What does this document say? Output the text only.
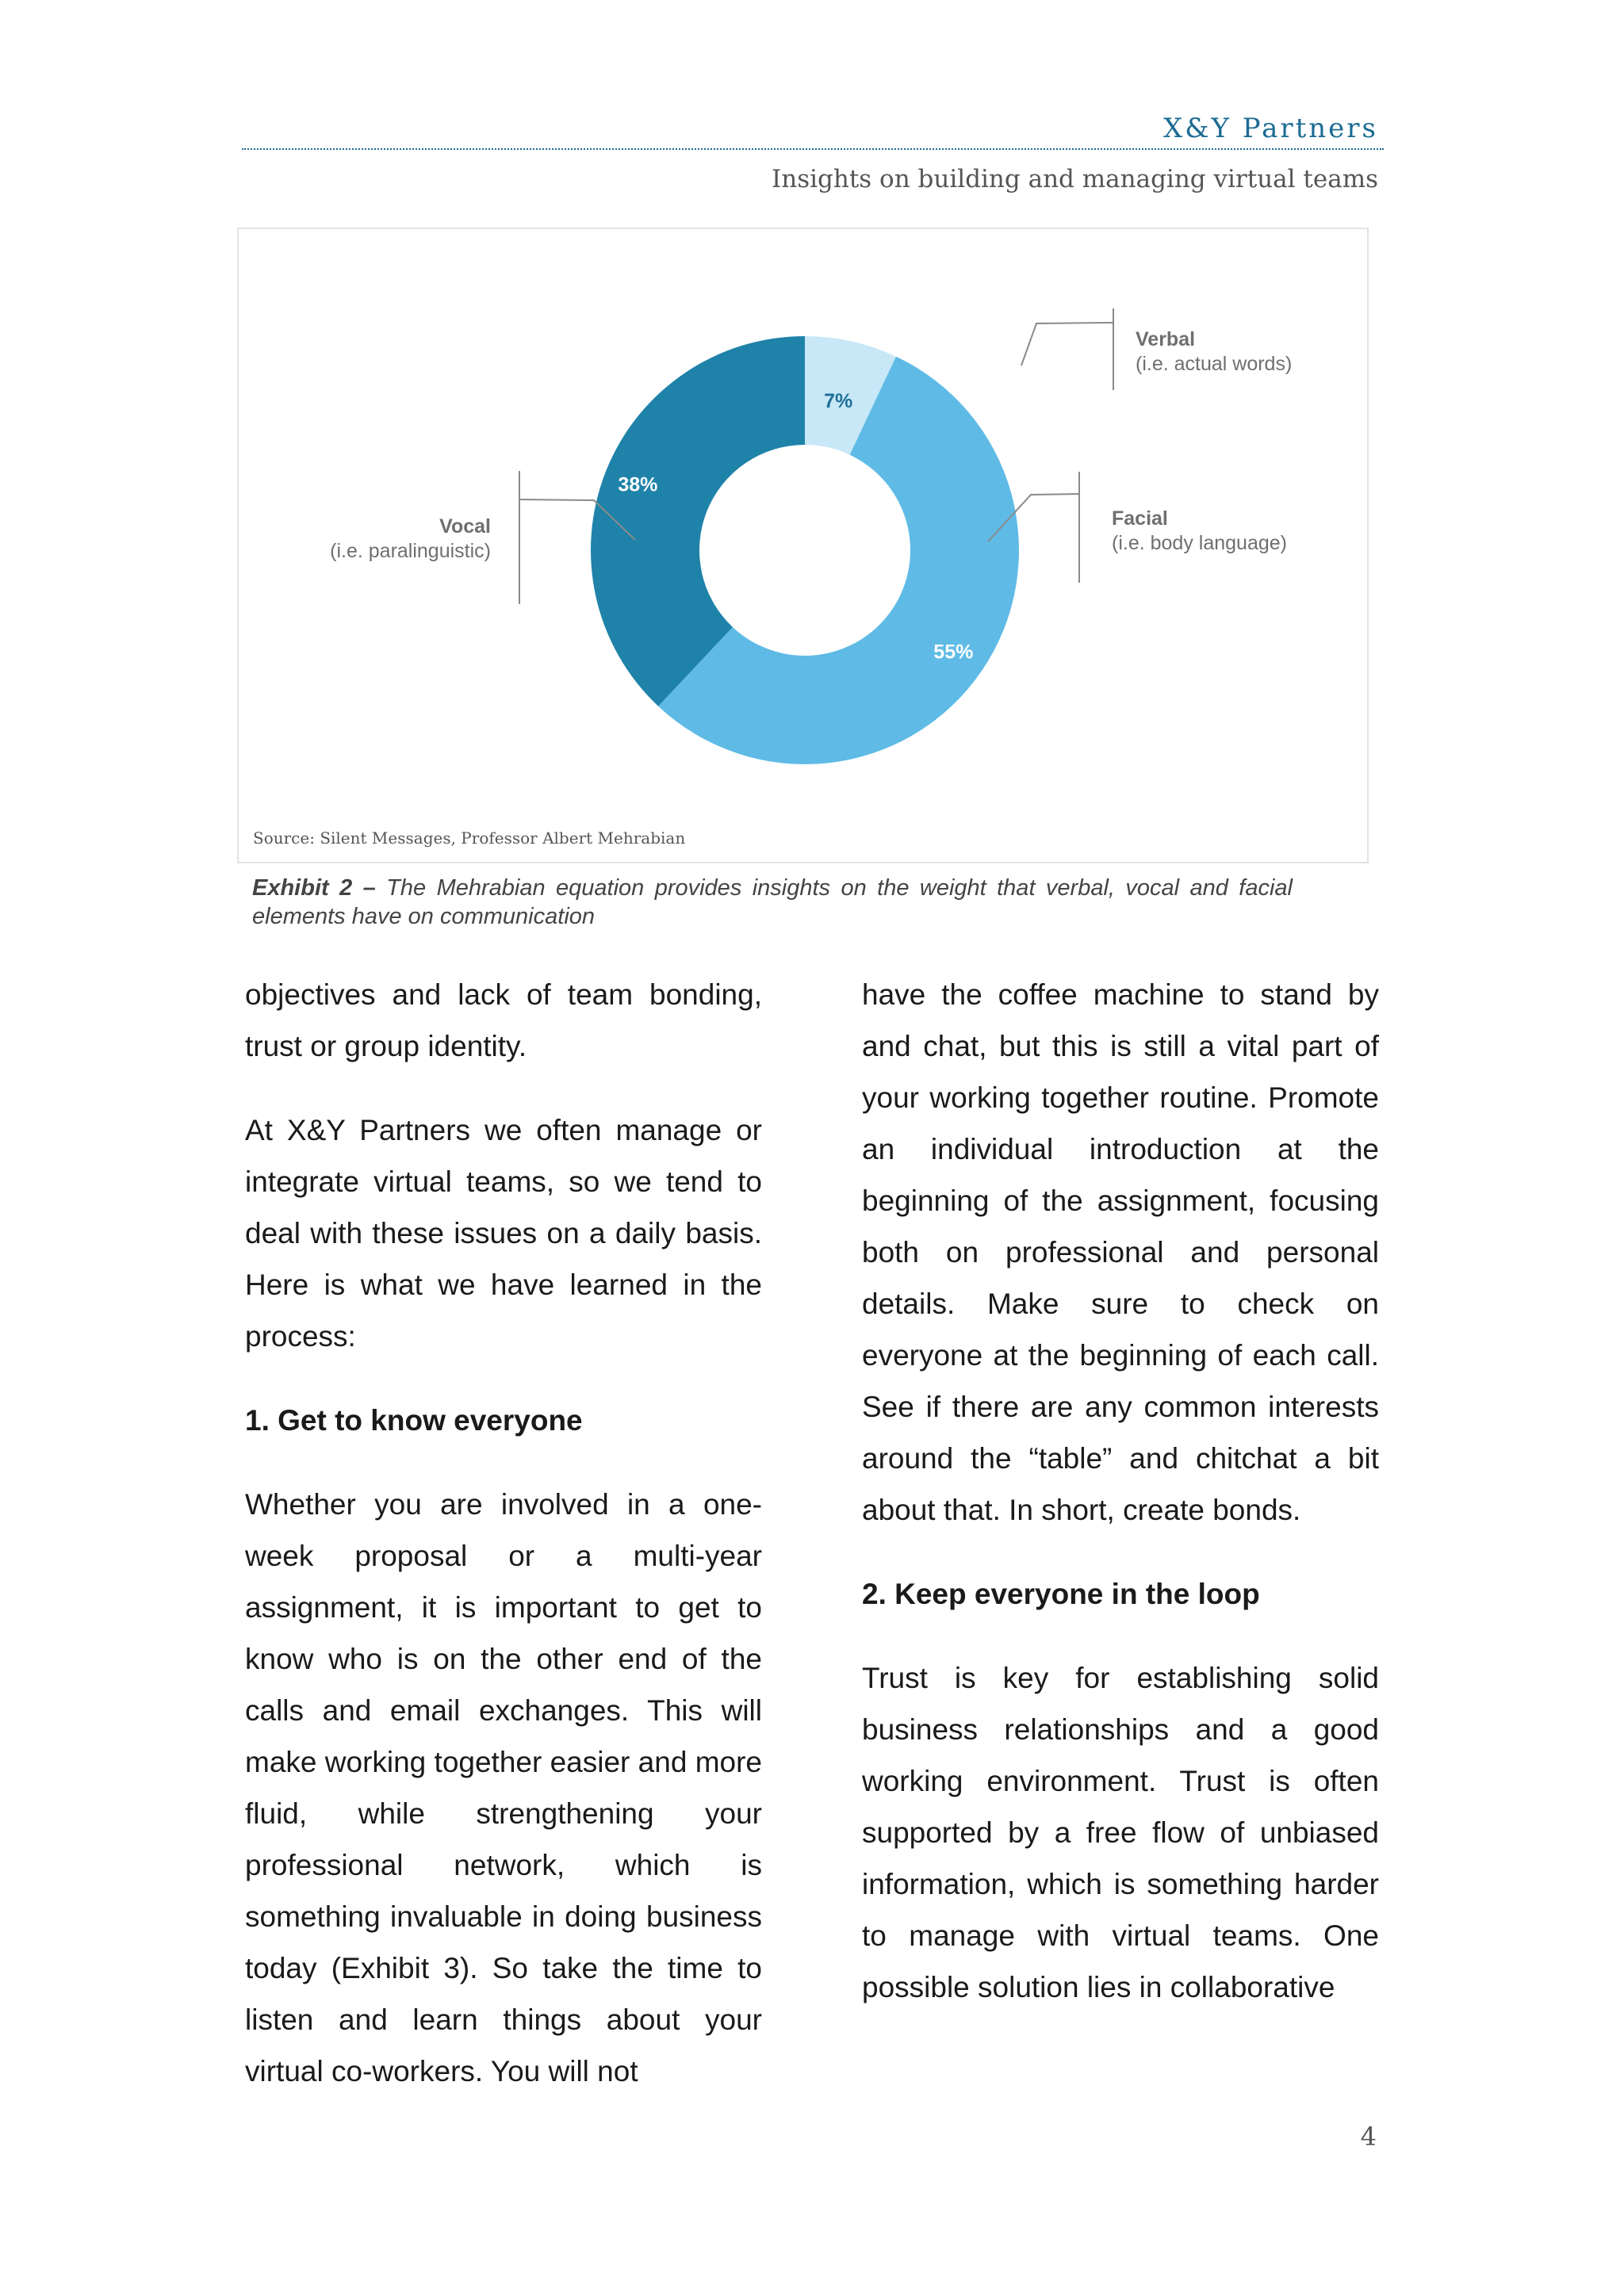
X&Y Partners
Insights on building and managing virtual teams
Verbal
(i.e. actual words)
Facial
(i.e. body language)
Vocal
(i.e. paralinguistic)
7%
55%
38%
Source: Silent Messages, Professor Albert Mehrabian
Exhibit 2 – The Mehrabian equation provides insights on the weight that verbal, vocal and facial elements have on communication

objectives and lack of team bonding, trust or group identity.

At X&Y Partners we often manage or integrate virtual teams, so we tend to deal with these issues on a daily basis. Here is what we have learned in the process:

1. Get to know everyone

Whether you are involved in a one-week proposal or a multi-year assignment, it is important to get to know who is on the other end of the calls and email exchanges. This will make working together easier and more fluid, while strengthening your professional network, which is something invaluable in doing business today (Exhibit 3). So take the time to listen and learn things about your virtual co-workers. You will not

have the coffee machine to stand by and chat, but this is still a vital part of your working together routine. Promote an individual introduction at the beginning of the assignment, focusing both on professional and personal details. Make sure to check on everyone at the beginning of each call. See if there are any common interests around the “table” and chitchat a bit about that. In short, create bonds.

2. Keep everyone in the loop

Trust is key for establishing solid business relationships and a good working environment. Trust is often supported by a free flow of unbiased information, which is something harder to manage with virtual teams. One possible solution lies in collaborative

4
